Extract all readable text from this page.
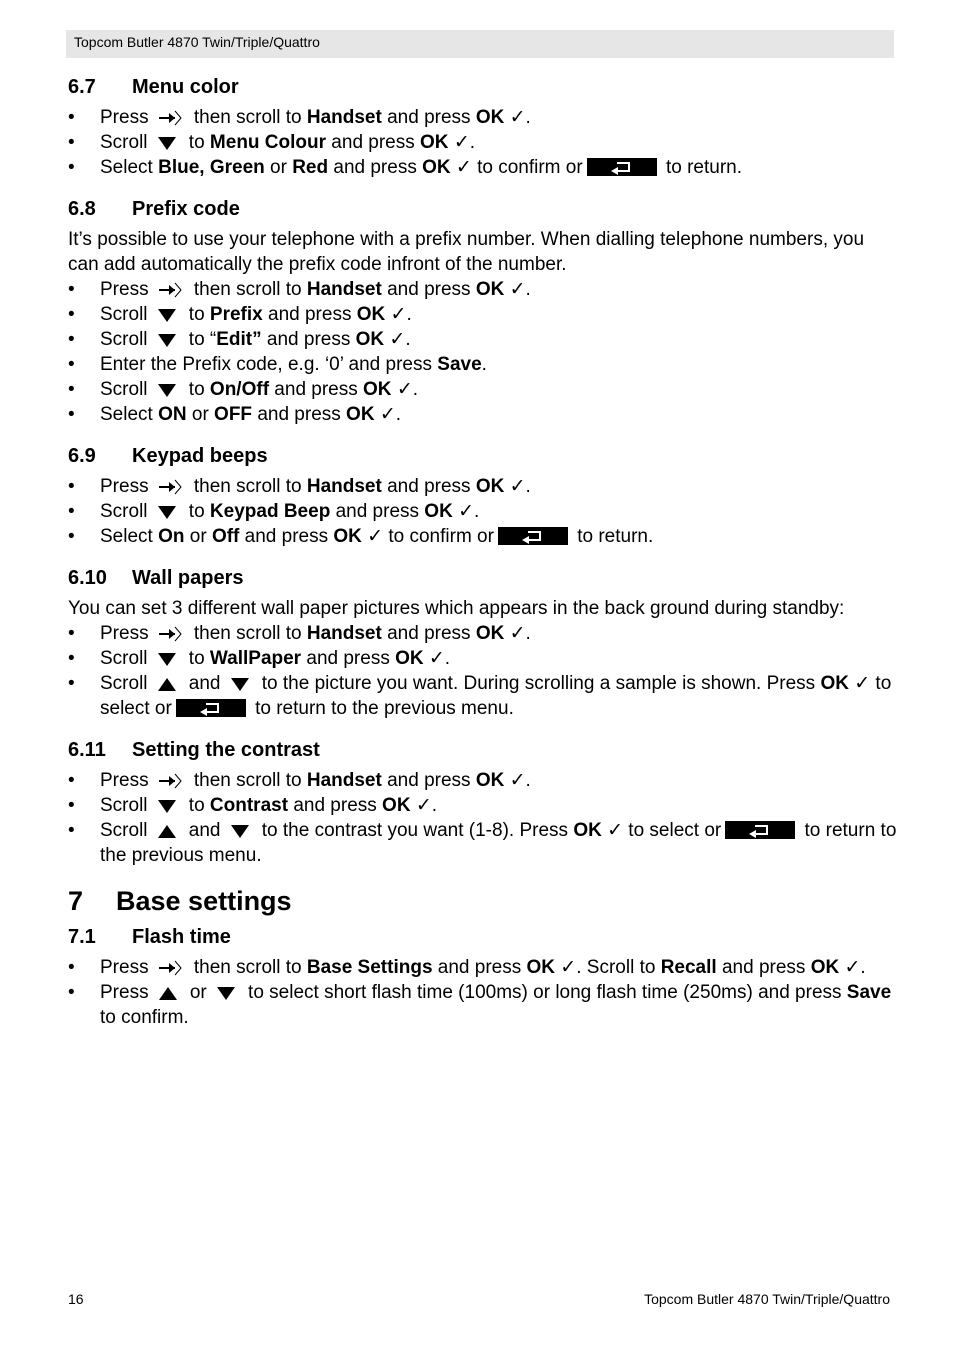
Topcom Butler 4870 Twin/Triple/Quattro
6.7 Menu color
• Press then scroll to Handset and press OK ✓.
• Scroll to Menu Colour and press OK ✓.
• Select Blue, Green or Red and press OK ✓ to confirm or	to return.
6.8 Prefix code

It’s possible to use your telephone with a prefix number. When dialling telephone numbers, you can add automatically the prefix code infront of the number.

• Press then scroll to Handset and press OK ✓.
• Scroll to Prefix and press OK ✓.
• Scroll to “Edit” and press OK ✓.
• Enter the Prefix code, e.g. ‘0’ and press Save.
• Scroll to On/Off and press OK ✓.
• Select ON or OFF and press OK ✓.
6.9 Keypad beeps
• Press then scroll to Handset and press OK ✓.
• Scroll to Keypad Beep and press OK ✓.
• Select On or Off and press OK ✓ to confirm or	to return.
6.10 Wall papers

You can set 3 different wall paper pictures which appears in the back ground during standby:

• Press then scroll to Handset and press OK ✓.
• Scroll to WallPaper and press OK ✓.
• Scroll and to the picture you want. During scrolling a sample is shown. Press OK ✓ to select or	to return to the previous menu.
6.11 Setting the contrast
• Press then scroll to Handset and press OK ✓.
• Scroll to Contrast and press OK ✓.
• Scroll and to the contrast you want (1-8). Press OK ✓ to select or	to return to the previous menu.
7 Base settings
7.1 Flash time
• Press then scroll to Base Settings and press OK ✓. Scroll to Recall and press OK ✓.
• Press or to select short flash time (100ms) or long flash time (250ms) and press Save to confirm.
16	Topcom Butler 4870 Twin/Triple/Quattro
